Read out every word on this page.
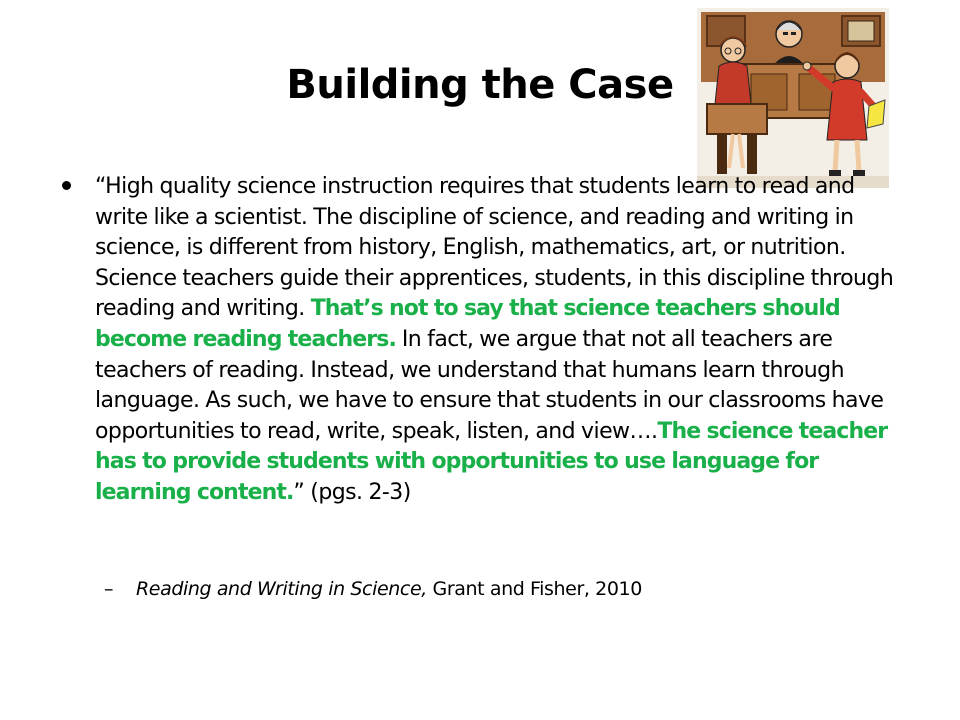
Building the Case

“High quality science instruction requires that students learn to read and write like a scientist. The discipline of science, and reading and writing in science, is different from history, English, mathematics, art, or nutrition. Science teachers guide their apprentices, students, in this discipline through reading and writing. That’s not to say that science teachers should become reading teachers. In fact, we argue that not all teachers are teachers of reading. Instead, we understand that humans learn through language. As such, we have to ensure that students in our classrooms have opportunities to read, write, speak, listen, and view….The science teacher has to provide students with opportunities to use language for learning content.” (pgs. 2-3)

– Reading and Writing in Science, Grant and Fisher, 2010
